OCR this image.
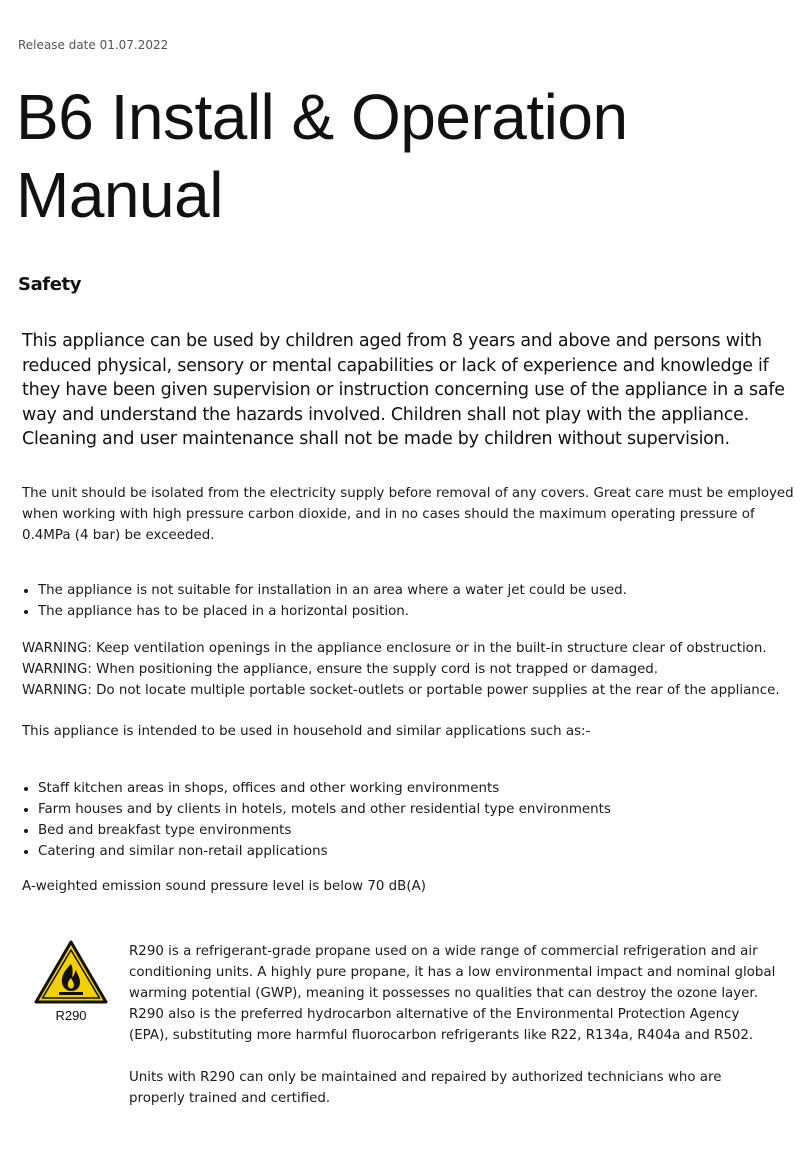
Release date 01.07.2022
B6 Install & Operation
Manual
Safety

This appliance can be used by children aged from 8 years and above and persons with reduced physical, sensory or mental capabilities or lack of experience and knowledge if they have been given supervision or instruction concerning use of the appliance in a safe way and understand the hazards involved. Children shall not play with the appliance. Cleaning and user maintenance shall not be made by children without supervision.

The unit should be isolated from the electricity supply before removal of any covers. Great care must be employed when working with high pressure carbon dioxide, and in no cases should the maximum operating pressure of 0.4MPa (4 bar) be exceeded.

• The appliance is not suitable for installation in an area where a water jet could be used.
• The appliance has to be placed in a horizontal position.

WARNING: Keep ventilation openings in the appliance enclosure or in the built-in structure clear of obstruction.

WARNING: When positioning the appliance, ensure the supply cord is not trapped or damaged.

WARNING: Do not locate multiple portable socket-outlets or portable power supplies at the rear of the appliance.

This appliance is intended to be used in household and similar applications such as:-

• Staff kitchen areas in shops, offices and other working environments
• Farm houses and by clients in hotels, motels and other residential type environments
• Bed and breakfast type environments
• Catering and similar non-retail applications

A-weighted emission sound pressure level is below 70 dB(A)

R290

R290 is a refrigerant-grade propane used on a wide range of commercial refrigeration and air conditioning units. A highly pure propane, it has a low environmental impact and nominal global warming potential (GWP), meaning it possesses no qualities that can destroy the ozone layer. R290 also is the preferred hydrocarbon alternative of the Environmental Protection Agency (EPA), substituting more harmful fluorocarbon refrigerants like R22, R134a, R404a and R502.

Units with R290 can only be maintained and repaired by authorized technicians who are properly trained and certified.
